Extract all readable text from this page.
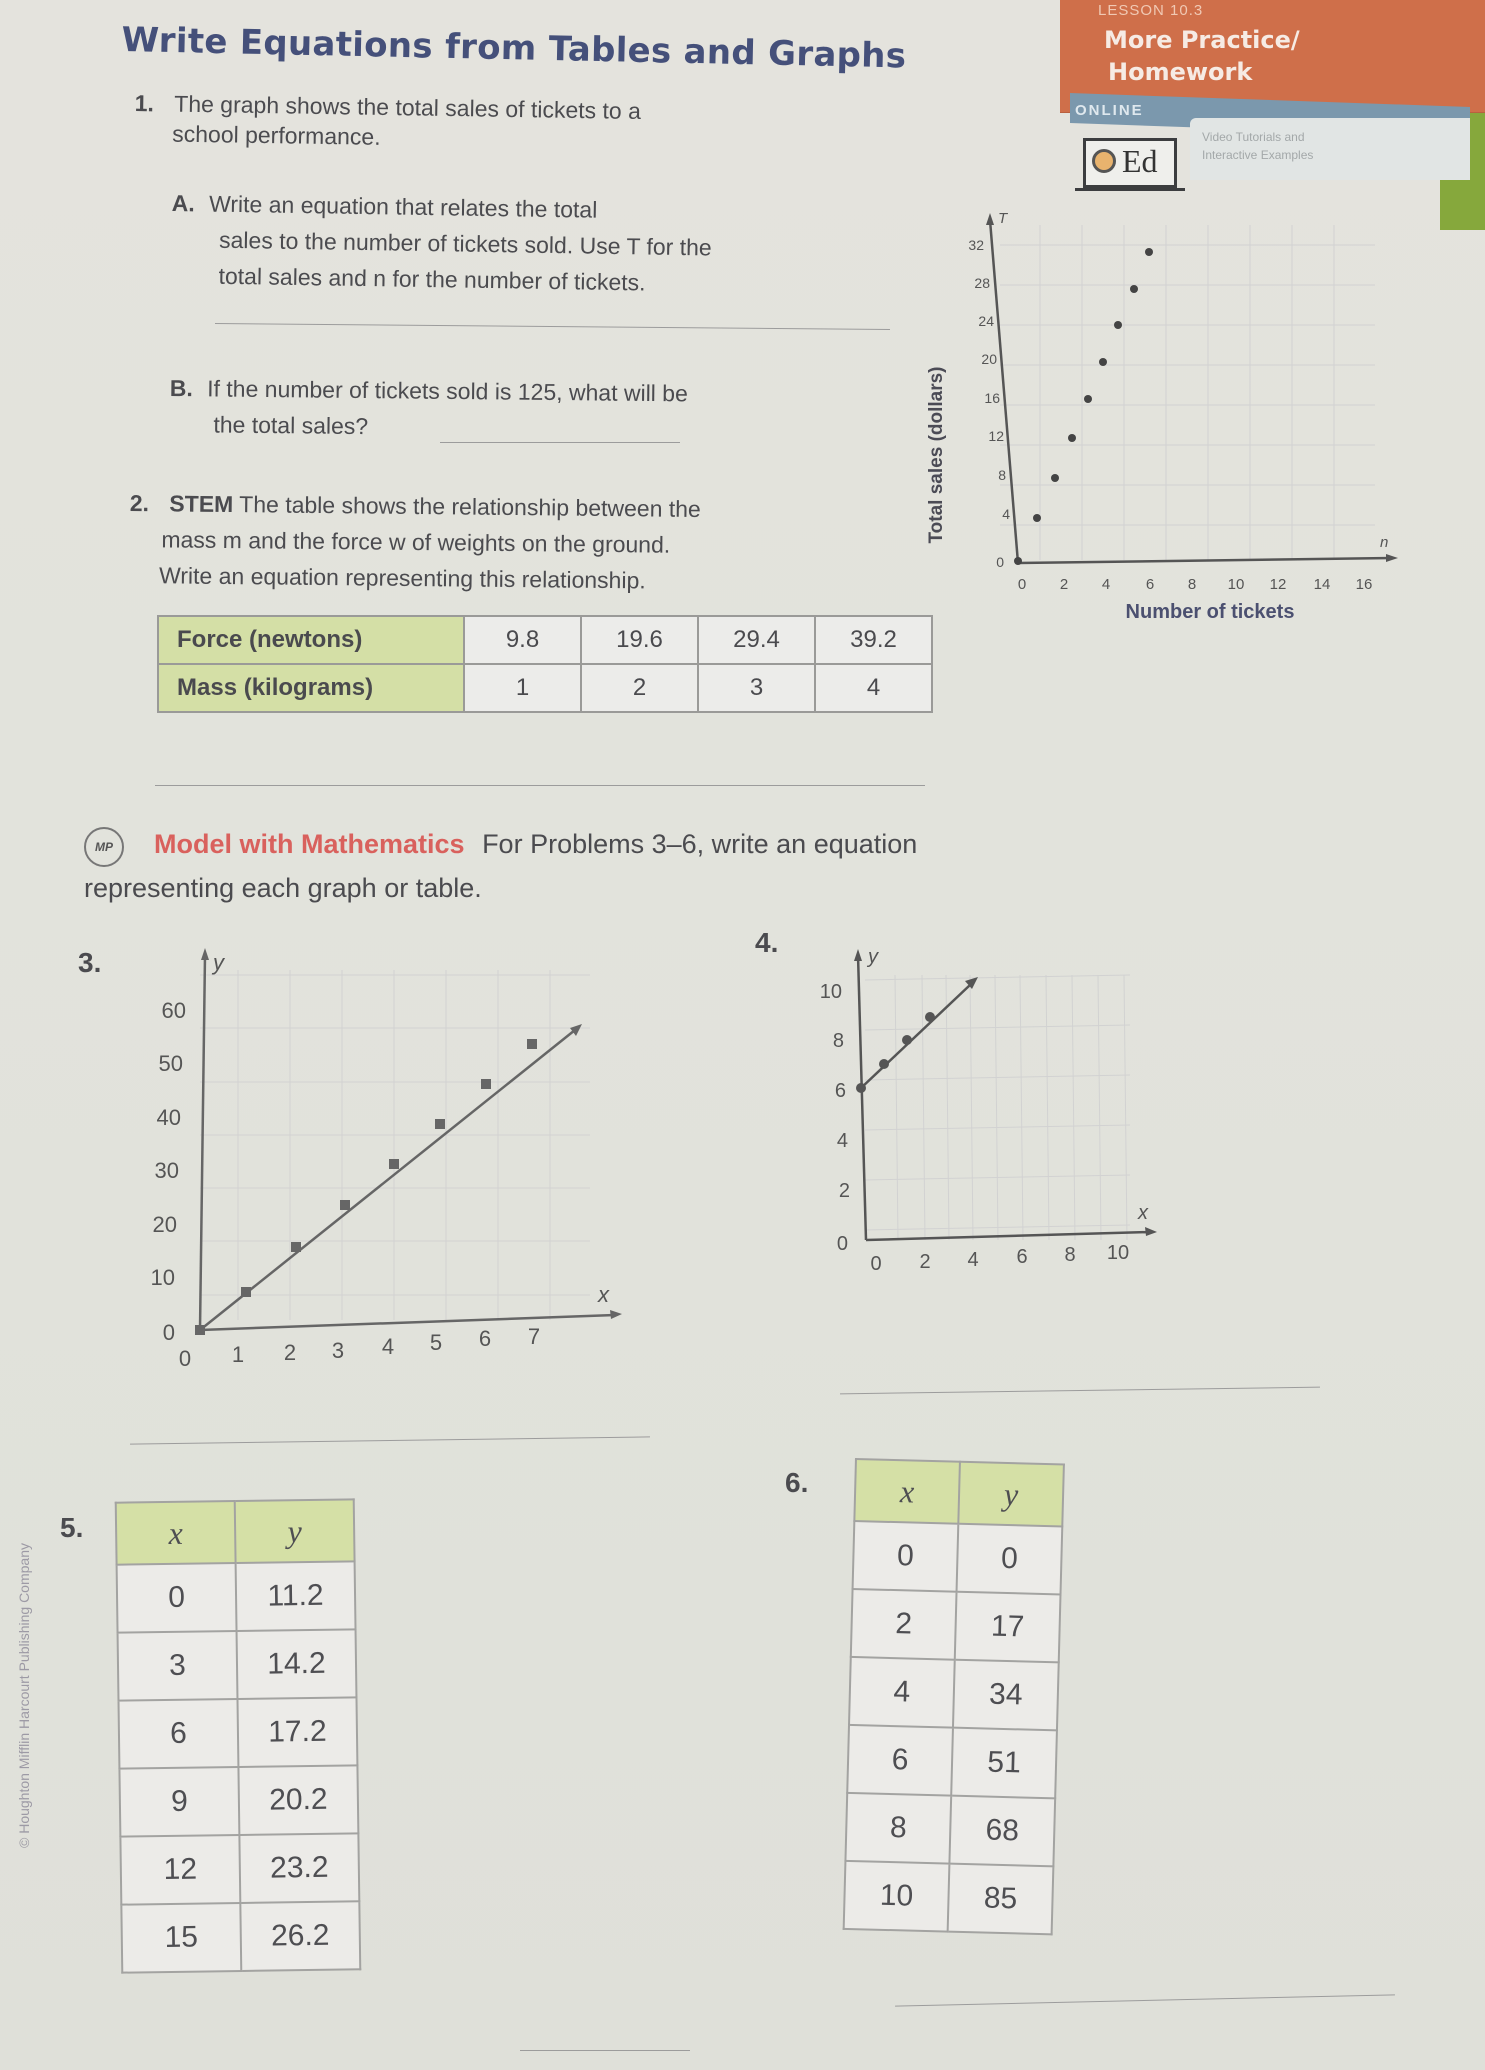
LESSON 10.3
More Practice/
Homework
ONLINE
Video Tutorials and
Interactive Examples
Ed
Write Equations from Tables and Graphs
1. The graph shows the total sales of tickets to a
school performance.
A. Write an equation that relates the total
sales to the number of tickets sold. Use T for the
total sales and n for the number of tickets.
B. If the number of tickets sold is 125, what will be
the total sales?
T
n
32
28
24
20
16
12
8
4
0
0 2 4 6 8 10 12 14 16
Total sales (dollars)
Number of tickets
2. STEM The table shows the relationship between the
mass m and the force w of weights on the ground.
Write an equation representing this relationship.
Force (newtons)	9.8	19.6	29.4	39.2
Mass (kilograms)	1	2	3	4
MP	Model with Mathematics For Problems 3–6, write an equation
representing each graph or table.
3.	y
x
60
50
40
30
20
10
0
0 1 2 3 4 5 6 7
4.	y
x
10
8
6
4
2
0
0 2 4 6 8 10
5.	x	y
0	11.2
3	14.2
6	17.2
9	20.2
12	23.2
15	26.2
6.	x	y
0	0
2	17
4	34
6	51
8	68
10	85
© Houghton Mifflin Harcourt Publishing Company
